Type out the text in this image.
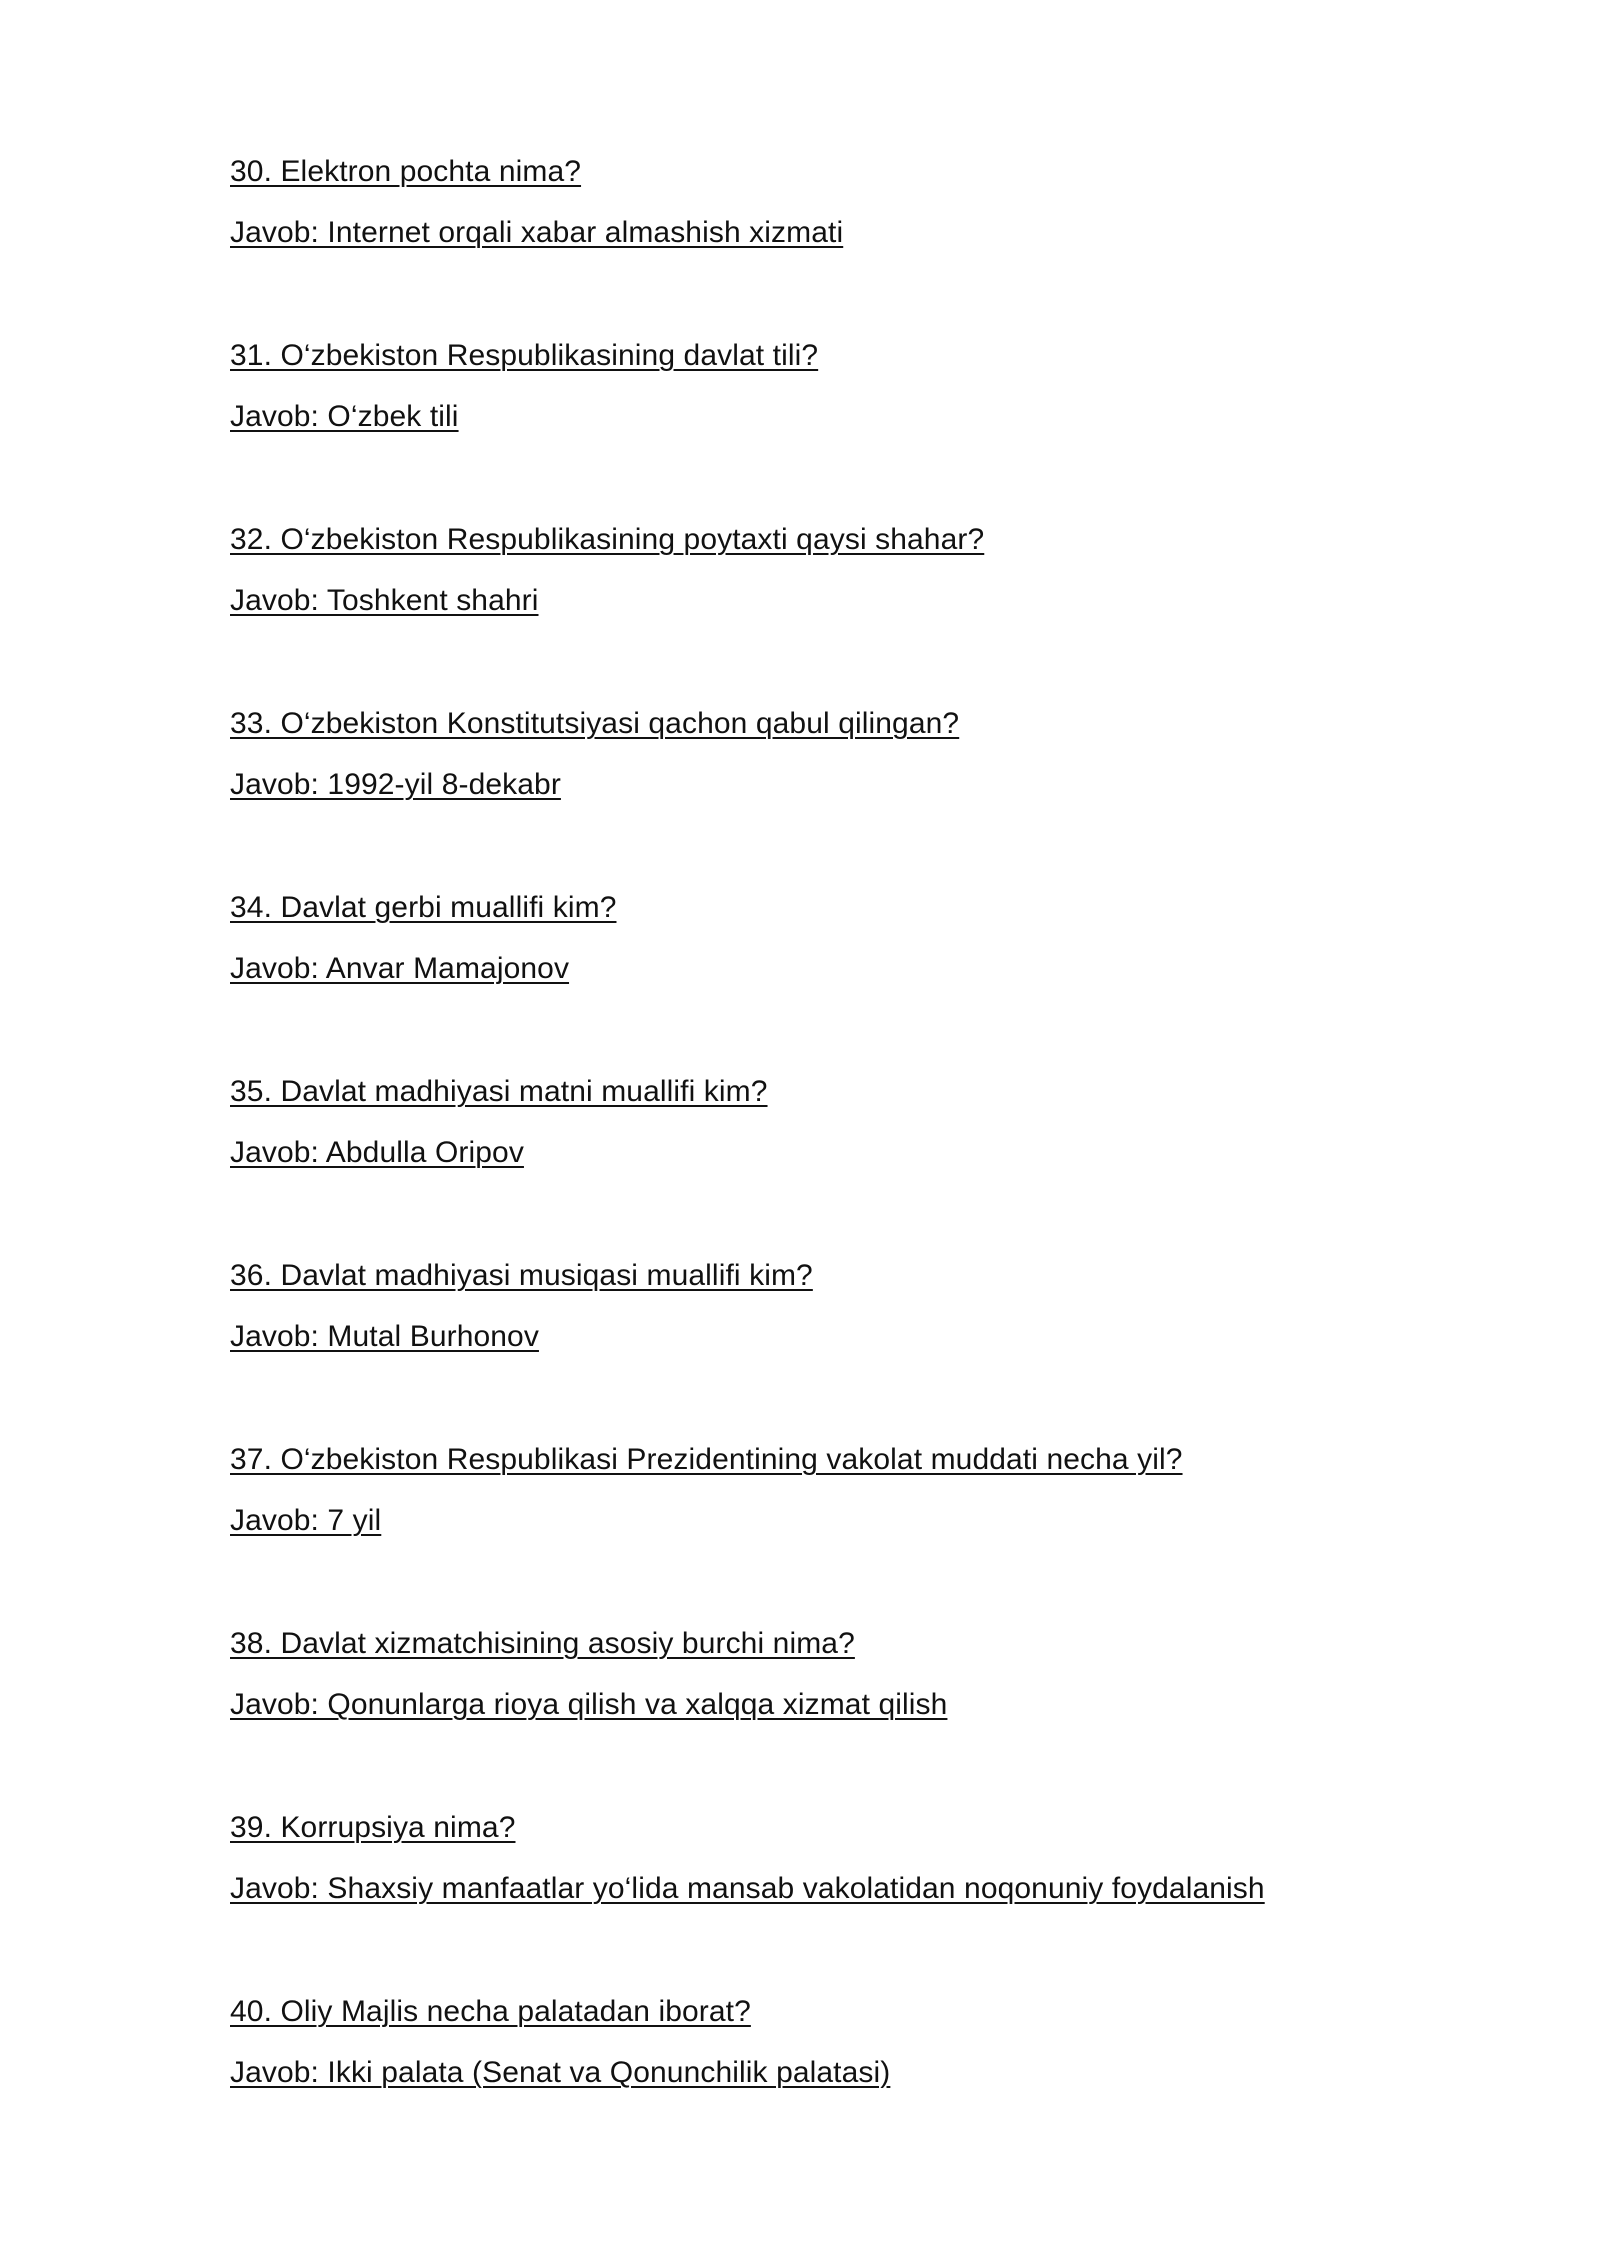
30. Elektron pochta nima?
Javob: Internet orqali xabar almashish xizmati
31. O‘zbekiston Respublikasining davlat tili?
Javob: O‘zbek tili
32. O‘zbekiston Respublikasining poytaxti qaysi shahar?
Javob: Toshkent shahri
33. O‘zbekiston Konstitutsiyasi qachon qabul qilingan?
Javob: 1992-yil 8-dekabr
34. Davlat gerbi muallifi kim?
Javob: Anvar Mamajonov
35. Davlat madhiyasi matni muallifi kim?
Javob: Abdulla Oripov
36. Davlat madhiyasi musiqasi muallifi kim?
Javob: Mutal Burhonov
37. O‘zbekiston Respublikasi Prezidentining vakolat muddati necha yil?
Javob: 7 yil
38. Davlat xizmatchisining asosiy burchi nima?
Javob: Qonunlarga rioya qilish va xalqqa xizmat qilish
39. Korrupsiya nima?
Javob: Shaxsiy manfaatlar yo‘lida mansab vakolatidan noqonuniy foydalanish
40. Oliy Majlis necha palatadan iborat?
Javob: Ikki palata (Senat va Qonunchilik palatasi)
